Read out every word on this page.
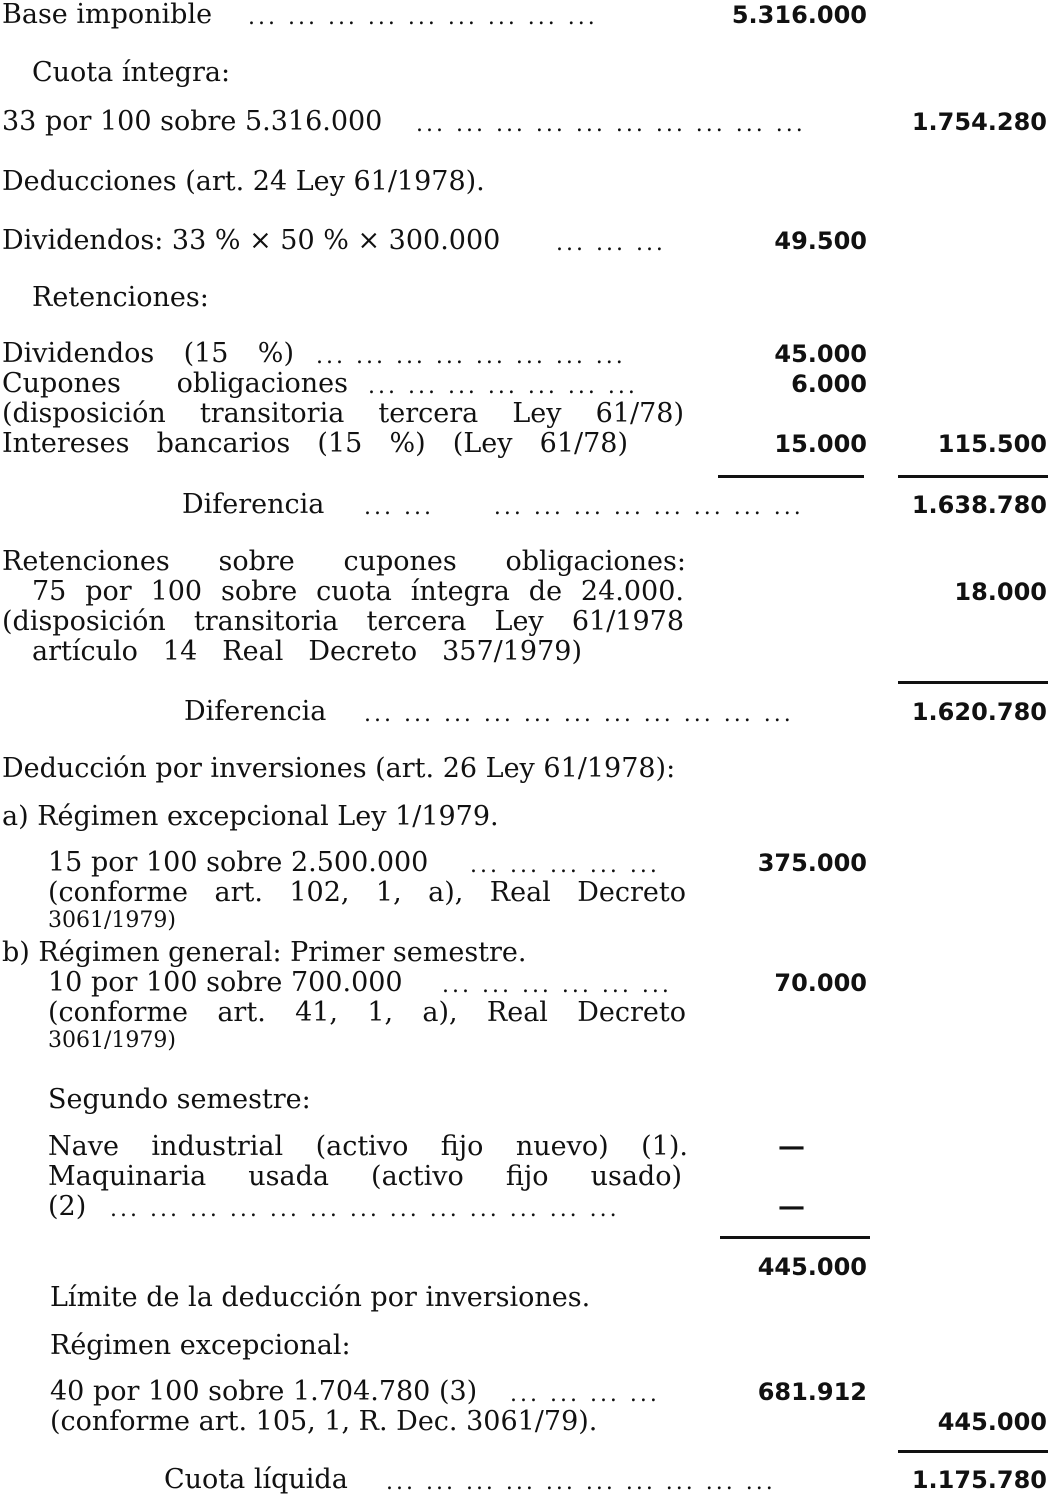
Base imponible ... ... ... ... ... ... ... ... ...	5.316.000
Cuota íntegra:
33 por 100 sobre 5.316.000 ... ... ... ... ... ... ... ... ... ...	1.754.280
Deducciones (art. 24 Ley 61/1978).
Dividendos: 33 % × 50 % × 300.000	... ... ...	49.500
Retenciones:
Dividendos (15 %) ... ... ... ... ... ... ... ...	45.000
Cupones obligaciones ... ... ... ... ... ... ...	6.000
(disposición transitoria tercera Ley 61/78)
Intereses bancarios (15 %) (Ley 61/78)	15.000	115.500
Diferencia ... ...      ... ... ... ... ... ... ... ...	1.638.780
Retenciones sobre cupones obligaciones:
75 por 100 sobre cuota íntegra de 24.000.	18.000
(disposición transitoria tercera Ley 61/1978
artículo 14 Real Decreto 357/1979)
Diferencia ... ... ... ... ... ... ... ... ... ... ...	1.620.780
Deducción por inversiones (art. 26 Ley 61/1978):
a) Régimen excepcional Ley 1/1979.
15 por 100 sobre 2.500.000 ... ... ... ... ...	375.000
(conforme art. 102, 1, a), Real Decreto
3061/1979)
b) Régimen general: Primer semestre.
10 por 100 sobre 700.000 ... ... ... ... ... ...	70.000
(conforme art. 41, 1, a), Real Decreto
3061/1979)
Segundo semestre:
Nave industrial (activo fijo nuevo) (1).	—
Maquinaria usada (activo fijo usado)
(2) ... ... ... ... ... ... ... ... ... ... ... ... ...	—
445.000
Límite de la deducción por inversiones.
Régimen excepcional:
40 por 100 sobre 1.704.780 (3) ... ... ... ...	681.912
(conforme art. 105, 1, R. Dec. 3061/79).	445.000
Cuota líquida ... ... ... ... ... ... ... ... ... ...	1.175.780
